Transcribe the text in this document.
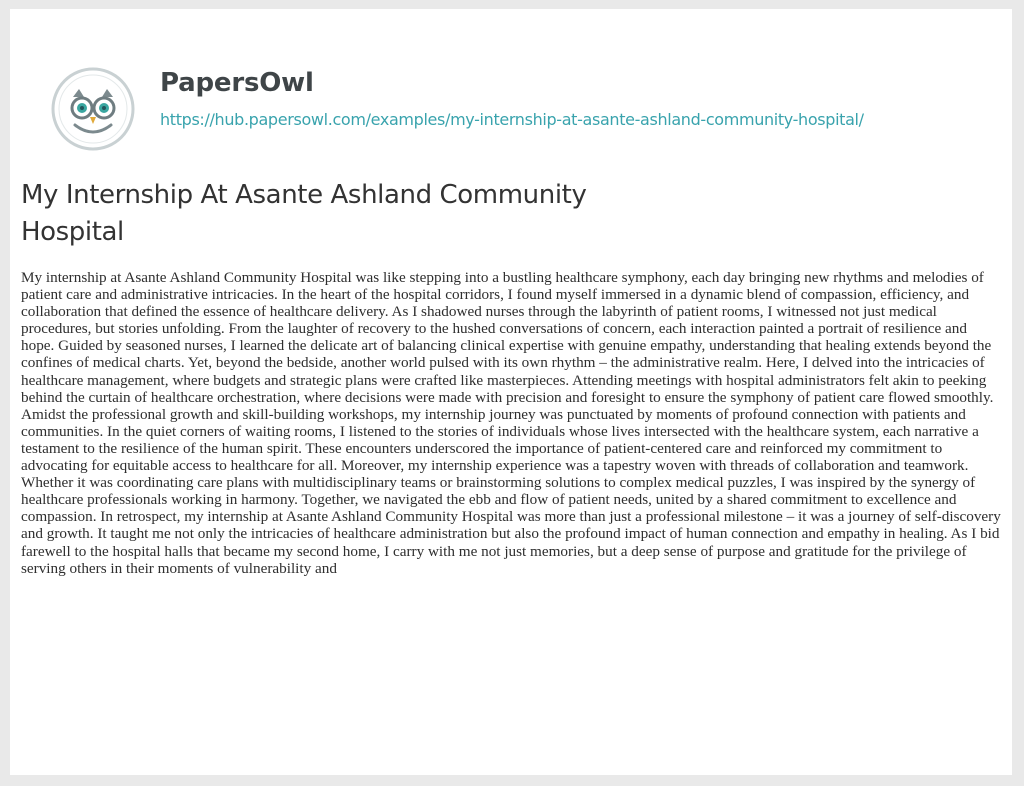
PapersOwl
https://hub.papersowl.com/examples/my-internship-at-asante-ashland-community-hospital/
My Internship At Asante Ashland Community Hospital

My internship at Asante Ashland Community Hospital was like stepping into a bustling healthcare symphony, each day bringing new rhythms and melodies of patient care and administrative intricacies. In the heart of the hospital corridors, I found myself immersed in a dynamic blend of compassion, efficiency, and collaboration that defined the essence of healthcare delivery. As I shadowed nurses through the labyrinth of patient rooms, I witnessed not just medical procedures, but stories unfolding. From the laughter of recovery to the hushed conversations of concern, each interaction painted a portrait of resilience and hope. Guided by seasoned nurses, I learned the delicate art of balancing clinical expertise with genuine empathy, understanding that healing extends beyond the confines of medical charts. Yet, beyond the bedside, another world pulsed with its own rhythm – the administrative realm. Here, I delved into the intricacies of healthcare management, where budgets and strategic plans were crafted like masterpieces. Attending meetings with hospital administrators felt akin to peeking behind the curtain of healthcare orchestration, where decisions were made with precision and foresight to ensure the symphony of patient care flowed smoothly. Amidst the professional growth and skill-building workshops, my internship journey was punctuated by moments of profound connection with patients and communities. In the quiet corners of waiting rooms, I listened to the stories of individuals whose lives intersected with the healthcare system, each narrative a testament to the resilience of the human spirit. These encounters underscored the importance of patient-centered care and reinforced my commitment to advocating for equitable access to healthcare for all. Moreover, my internship experience was a tapestry woven with threads of collaboration and teamwork. Whether it was coordinating care plans with multidisciplinary teams or brainstorming solutions to complex medical puzzles, I was inspired by the synergy of healthcare professionals working in harmony. Together, we navigated the ebb and flow of patient needs, united by a shared commitment to excellence and compassion. In retrospect, my internship at Asante Ashland Community Hospital was more than just a professional milestone – it was a journey of self-discovery and growth. It taught me not only the intricacies of healthcare administration but also the profound impact of human connection and empathy in healing. As I bid farewell to the hospital halls that became my second home, I carry with me not just memories, but a deep sense of purpose and gratitude for the privilege of serving others in their moments of vulnerability and
